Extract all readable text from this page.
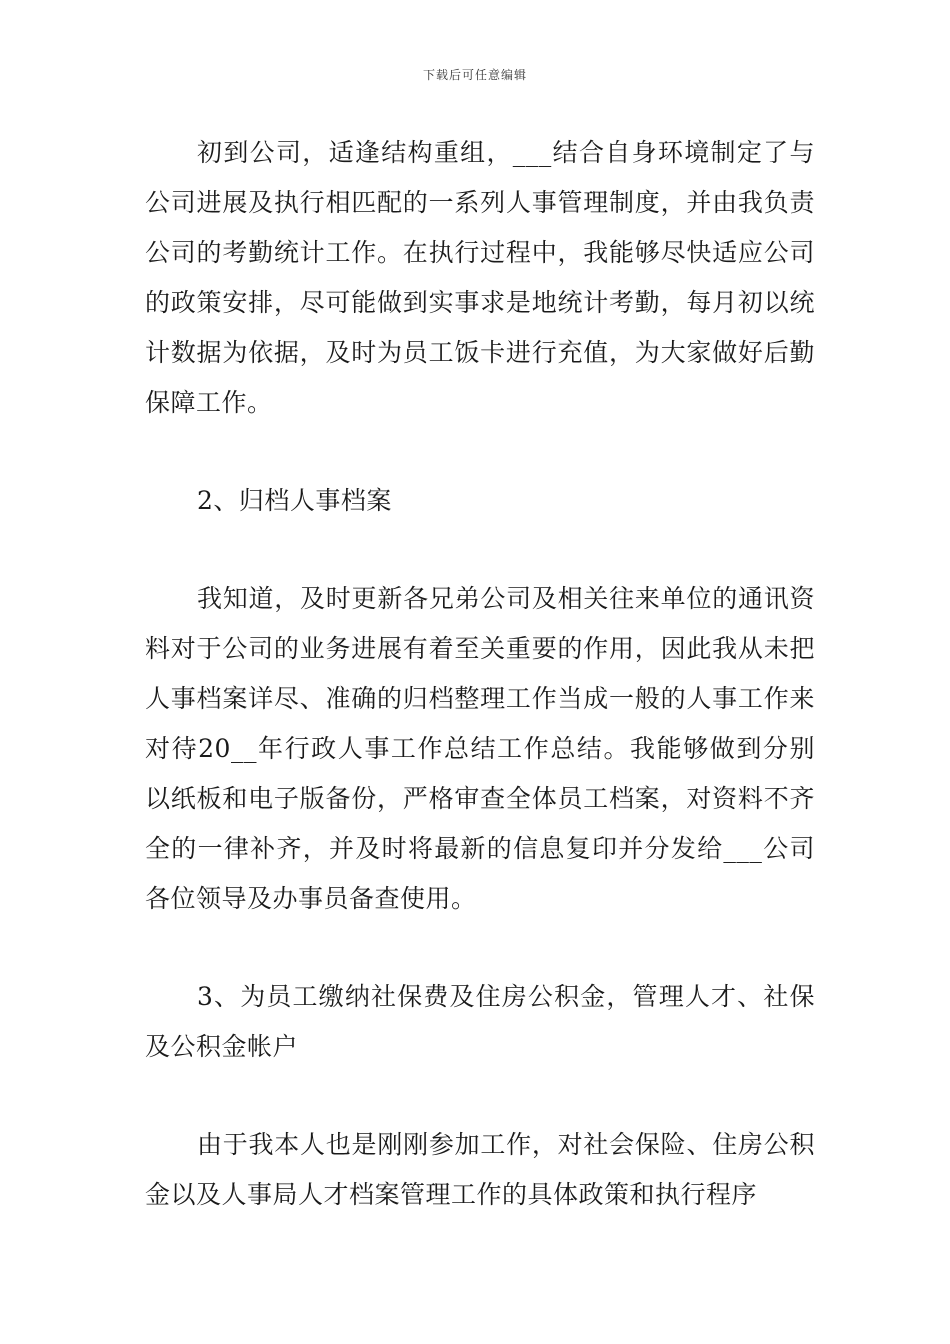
下载后可任意编辑

初到公司，适逢结构重组，___结合自身环境制定了与公司进展及执行相匹配的一系列人事管理制度，并由我负责公司的考勤统计工作。在执行过程中，我能够尽快适应公司的政策安排，尽可能做到实事求是地统计考勤，每月初以统计数据为依据，及时为员工饭卡进行充值，为大家做好后勤保障工作。

2、归档人事档案

我知道，及时更新各兄弟公司及相关往来单位的通讯资料对于公司的业务进展有着至关重要的作用，因此我从未把人事档案详尽、准确的归档整理工作当成一般的人事工作来对待20__年行政人事工作总结工作总结。我能够做到分别以纸板和电子版备份，严格审查全体员工档案，对资料不齐全的一律补齐，并及时将最新的信息复印并分发给___公司各位领导及办事员备查使用。

3、为员工缴纳社保费及住房公积金，管理人才、社保及公积金帐户

由于我本人也是刚刚参加工作，对社会保险、住房公积金以及人事局人才档案管理工作的具体政策和执行程序
